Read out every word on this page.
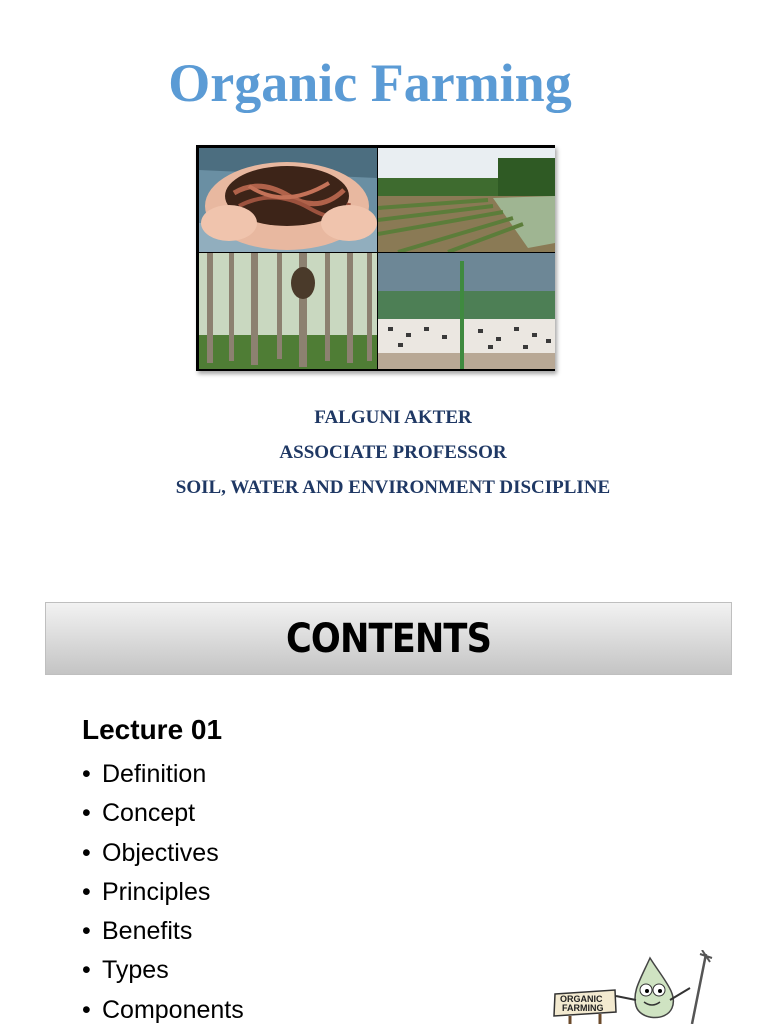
Organic Farming
FALGUNI AKTER
ASSOCIATE PROFESSOR
SOIL, WATER AND ENVIRONMENT DISCIPLINE
CONTENTS
Lecture 01
• Definition
• Concept
• Objectives
• Principles
• Benefits
• Types
• Components	ORGANIC
FARMING
